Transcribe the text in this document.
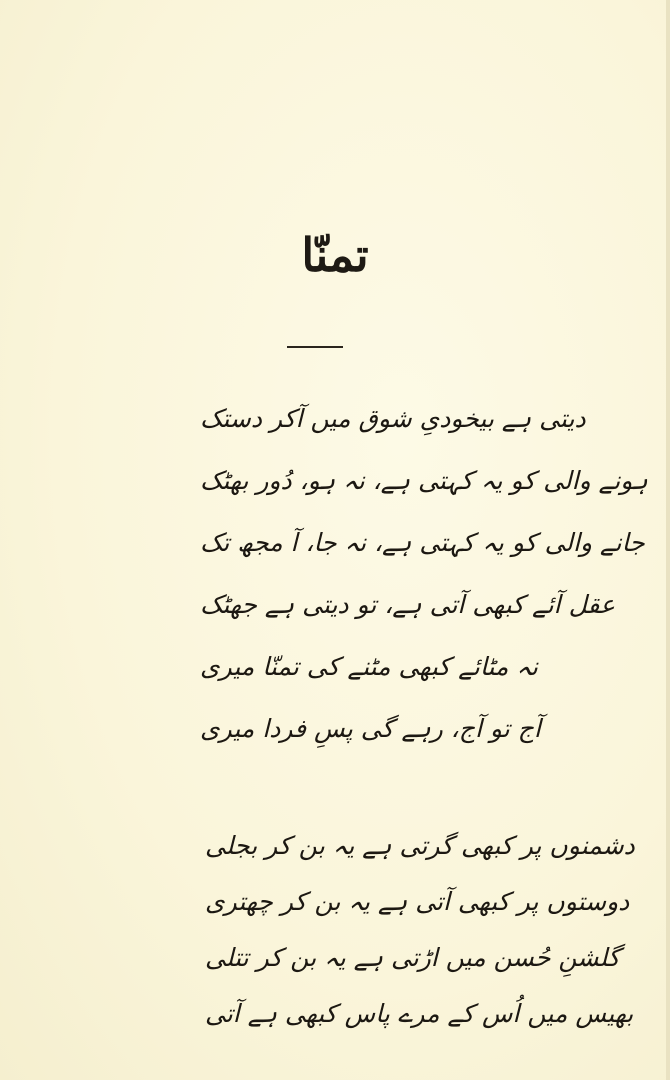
تمنّا
دیتی ہے بیخودیِ شوق میں آکر دستک
ہونے والی کو یہ کہتی ہے، نہ ہو، دُور بھٹک
جانے والی کو یہ کہتی ہے، نہ جا، آ مجھ تک
عقل آئے کبھی آتی ہے، تو دیتی ہے جھٹک
نہ مٹائے کبھی مٹنے کی تمنّا میری
آج تو آج، رہے گی پسِ فردا میری
دشمنوں پر کبھی گرتی ہے یہ بن کر بجلی
دوستوں پر کبھی آتی ہے یہ بن کر چھتری
گلشنِ حُسن میں اڑتی ہے یہ بن کر تتلی
بھیس میں اُس کے مرے پاس کبھی ہے آتی
